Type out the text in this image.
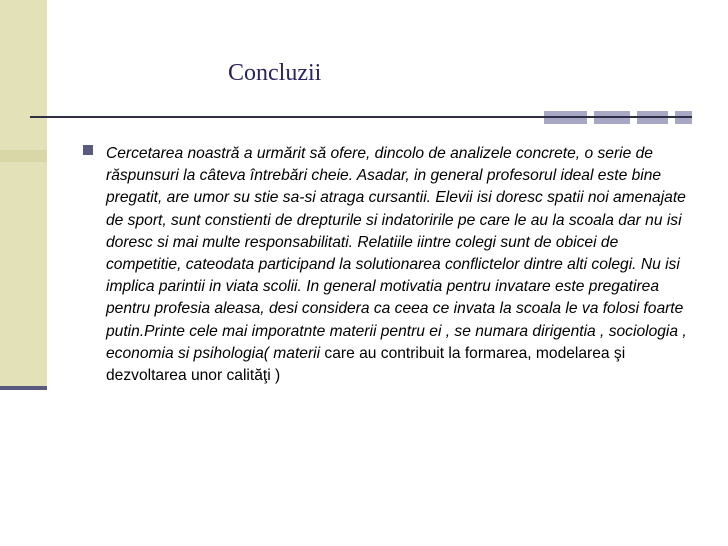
Concluzii
Cercetarea noastră a urmărit să ofere, dincolo de analizele concrete, o serie de răspunsuri la câteva întrebări cheie. Asadar, in general profesorul ideal este bine pregatit, are umor su stie sa-si atraga cursantii. Elevii isi doresc spatii noi amenajate de sport, sunt constienti de drepturile si indatoririle pe care le au la scoala dar nu isi doresc si mai multe responsabilitati. Relatiile iintre colegi sunt de obicei de competitie, cateodata participand la solutionarea conflictelor dintre alti colegi. Nu isi implica parintii in viata scolii. In general motivatia pentru invatare este pregatirea pentru profesia aleasa, desi considera ca ceea ce invata la scoala le va folosi foarte putin.Printe cele mai imporatnte materii pentru ei , se numara dirigentia , sociologia , economia si psihologia( materii care au contribuit la formarea, modelarea şi dezvoltarea unor calităţi )
